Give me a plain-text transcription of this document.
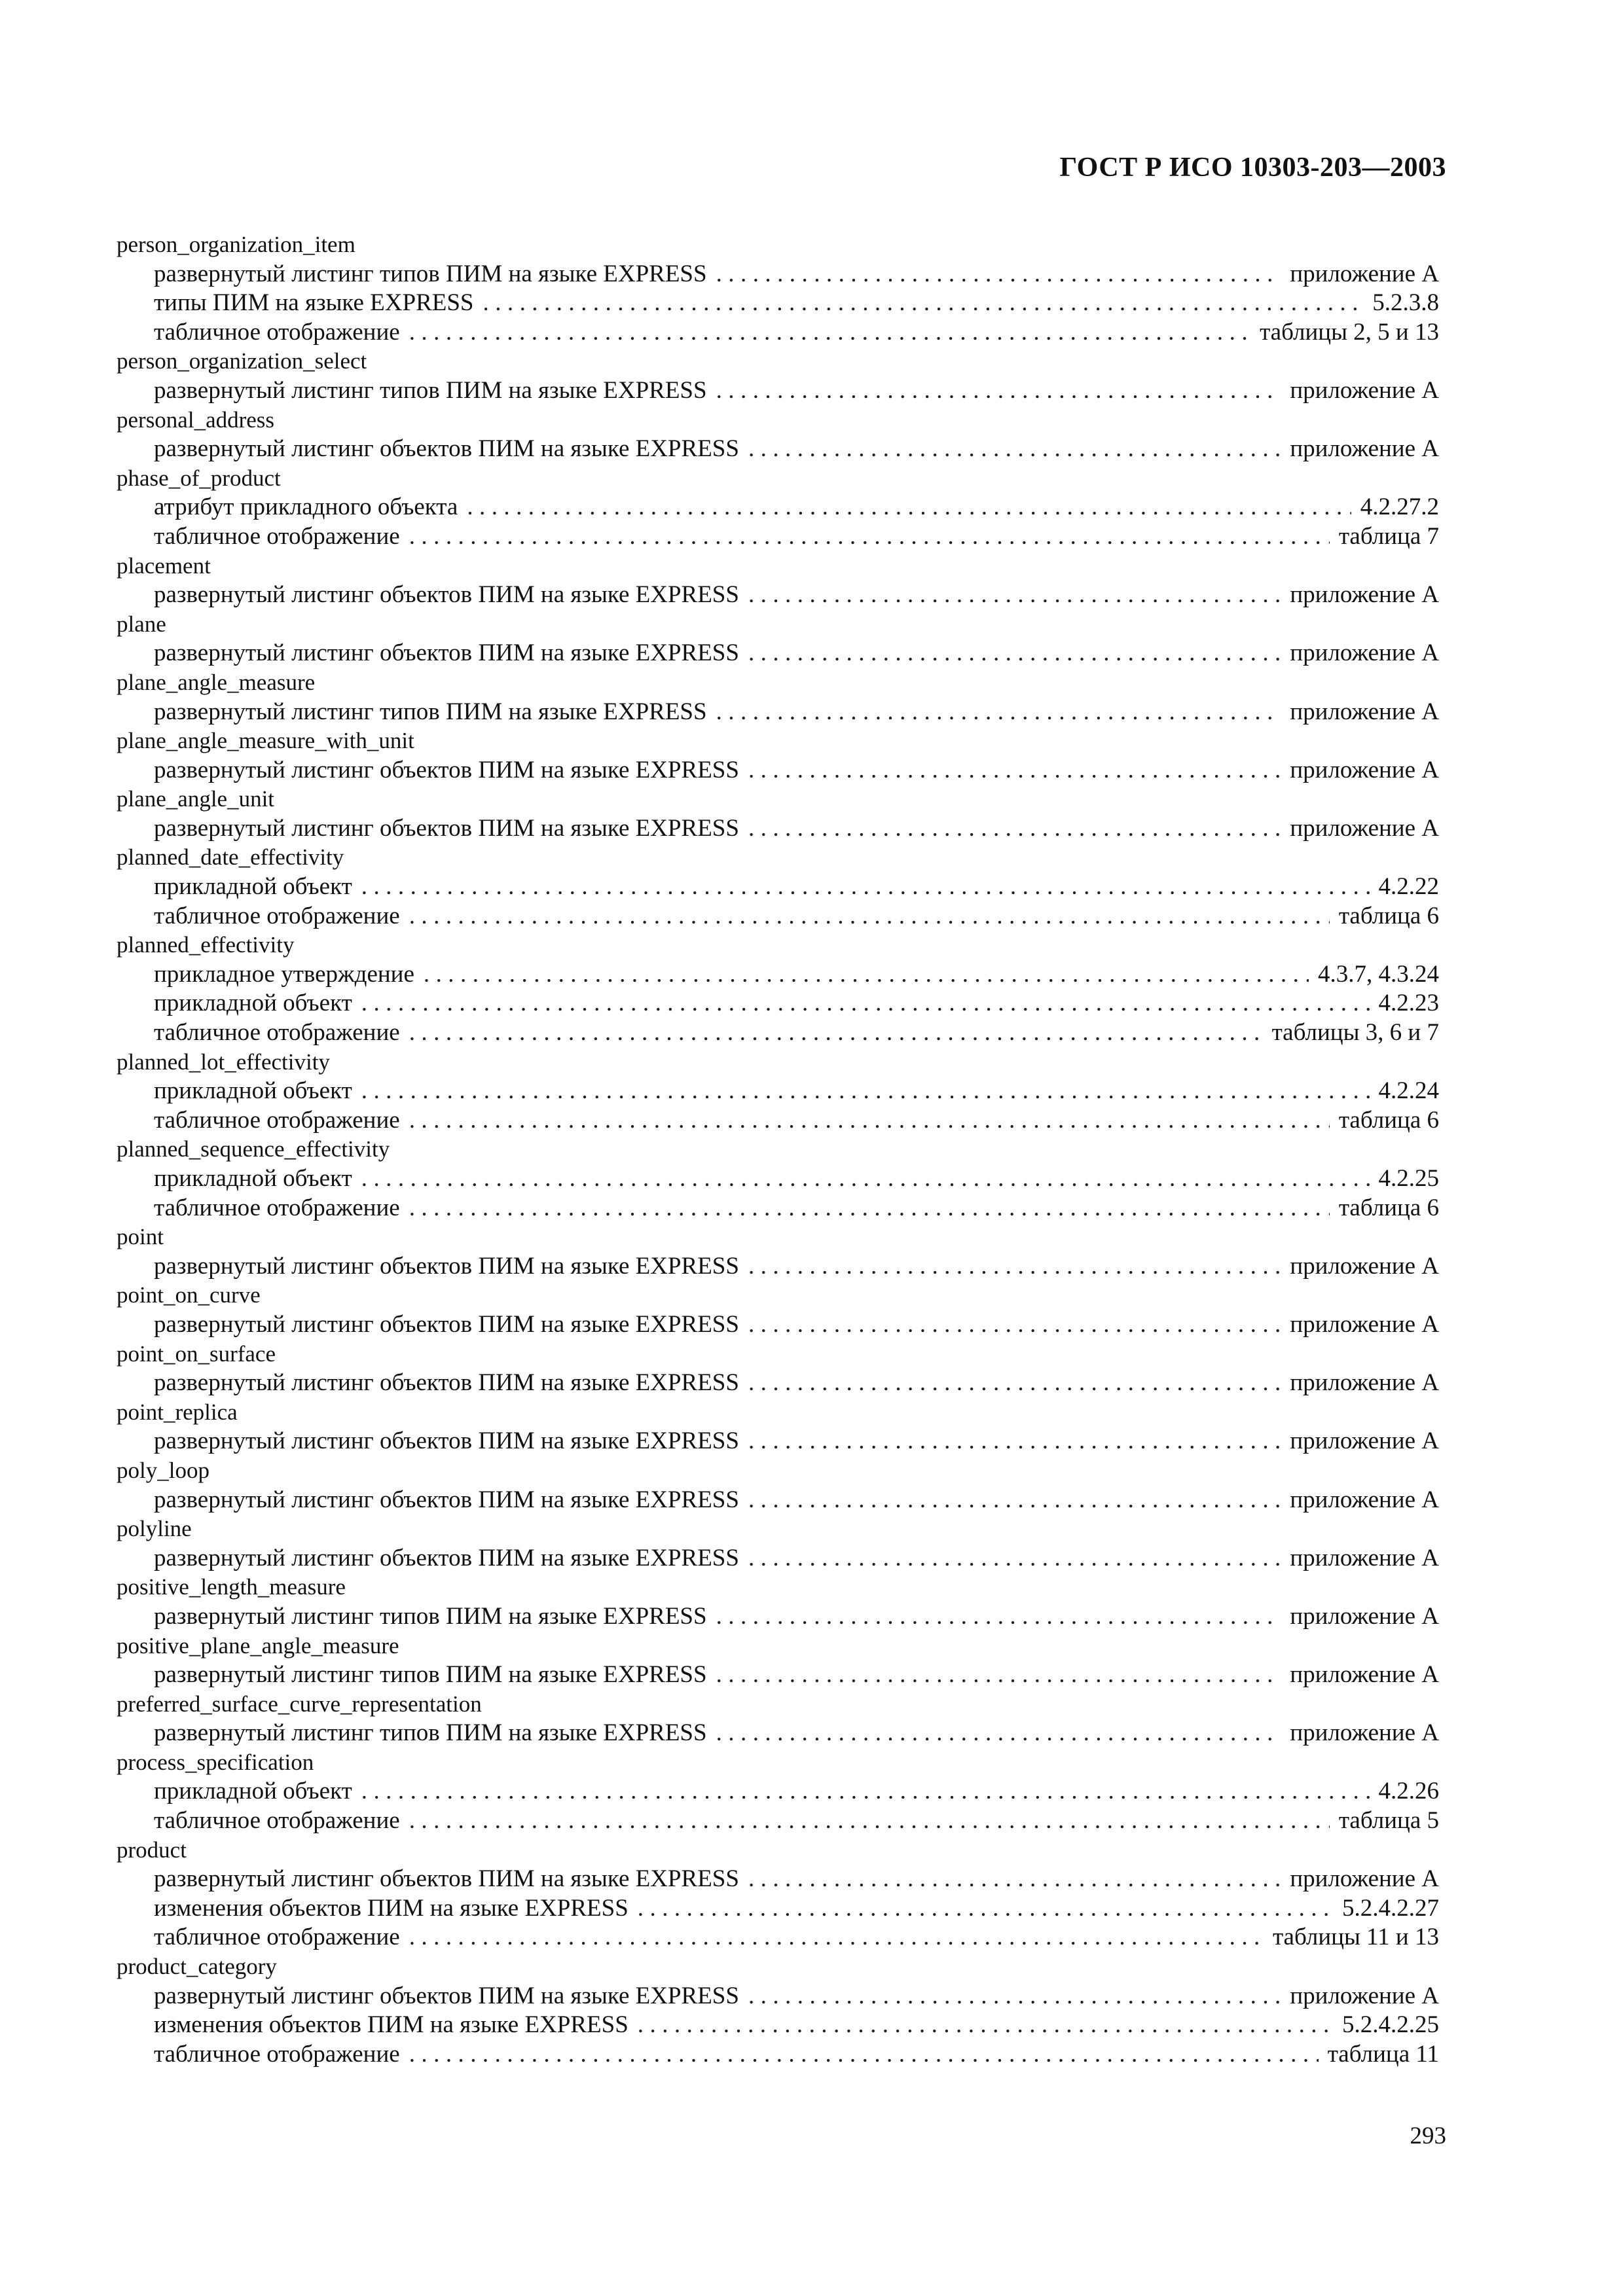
ГОСТ Р ИСО 10303-203—2003
person_organization_item
развернутый листинг типов ПИМ на языке EXPRESS . . .	приложение А
типы ПИМ на языке EXPRESS . . .	5.2.3.8
табличное отображение . . .	таблицы 2, 5 и 13
person_organization_select
развернутый листинг типов ПИМ на языке EXPRESS . . .	приложение А
personal_address
развернутый листинг объектов ПИМ на языке EXPRESS . . .	приложение А
phase_of_product
атрибут прикладного объекта . . .	4.2.27.2
табличное отображение . . .	таблица 7
placement
развернутый листинг объектов ПИМ на языке EXPRESS . . .	приложение А
plane
развернутый листинг объектов ПИМ на языке EXPRESS . . .	приложение А
plane_angle_measure
развернутый листинг типов ПИМ на языке EXPRESS . . .	приложение А
plane_angle_measure_with_unit
развернутый листинг объектов ПИМ на языке EXPRESS . . .	приложение А
plane_angle_unit
развернутый листинг объектов ПИМ на языке EXPRESS . . .	приложение А
planned_date_effectivity
прикладной объект . . .	4.2.22
табличное отображение . . .	таблица 6
planned_effectivity
прикладное утверждение . . .	4.3.7, 4.3.24
прикладной объект . . .	4.2.23
табличное отображение . . .	таблицы 3, 6 и 7
planned_lot_effectivity
прикладной объект . . .	4.2.24
табличное отображение . . .	таблица 6
planned_sequence_effectivity
прикладной объект . . .	4.2.25
табличное отображение . . .	таблица 6
point
развернутый листинг объектов ПИМ на языке EXPRESS . . .	приложение А
point_on_curve
развернутый листинг объектов ПИМ на языке EXPRESS . . .	приложение А
point_on_surface
развернутый листинг объектов ПИМ на языке EXPRESS . . .	приложение А
point_replica
развернутый листинг объектов ПИМ на языке EXPRESS . . .	приложение А
poly_loop
развернутый листинг объектов ПИМ на языке EXPRESS . . .	приложение А
polyline
развернутый листинг объектов ПИМ на языке EXPRESS . . .	приложение А
positive_length_measure
развернутый листинг типов ПИМ на языке EXPRESS . . .	приложение А
positive_plane_angle_measure
развернутый листинг типов ПИМ на языке EXPRESS . . .	приложение А
preferred_surface_curve_representation
развернутый листинг типов ПИМ на языке EXPRESS . . .	приложение А
process_specification
прикладной объект . . .	4.2.26
табличное отображение . . .	таблица 5
product
развернутый листинг объектов ПИМ на языке EXPRESS . . .	приложение А
изменения объектов ПИМ на языке EXPRESS . . .	5.2.4.2.27
табличное отображение . . .	таблицы 11 и 13
product_category
развернутый листинг объектов ПИМ на языке EXPRESS . . .	приложение А
изменения объектов ПИМ на языке EXPRESS . . .	5.2.4.2.25
табличное отображение . . .	таблица 11
293
